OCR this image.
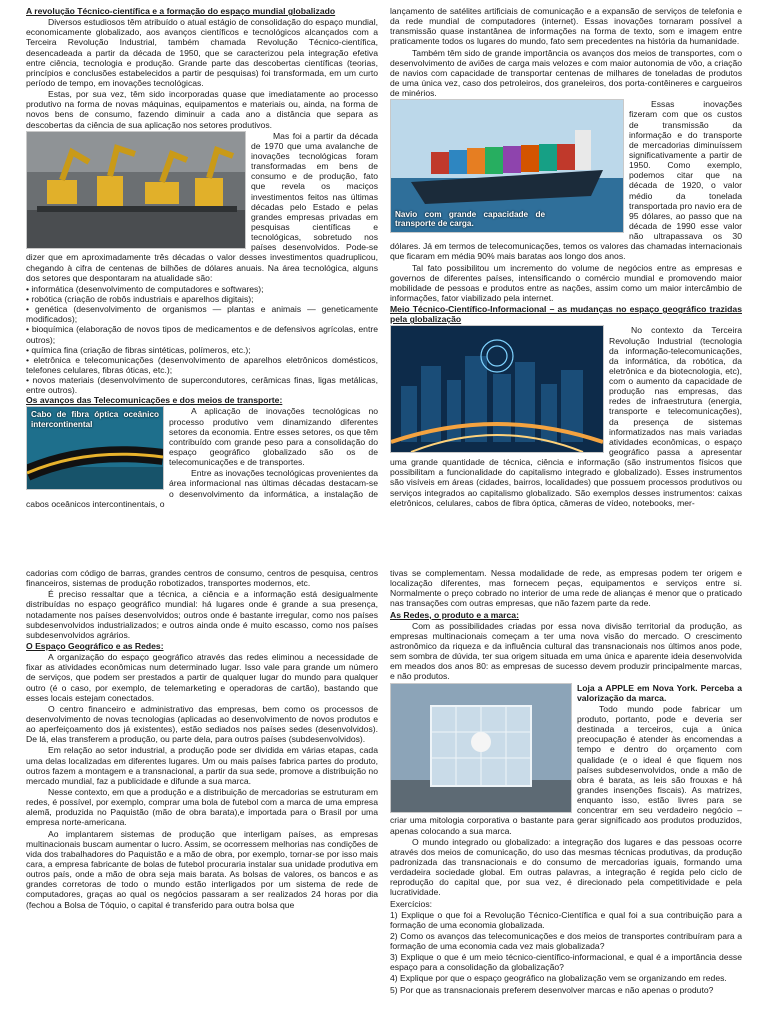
A revolução Técnico-científica e a formação do espaço mundial globalizado

Diversos estudiosos têm atribuído o atual estágio de consolidação do espaço mundial, economicamente globalizado, aos avanços científicos e tecnológicos alcançados com a Terceira Revolução Industrial, também chamada Revolução Técnico-científica, desencadeada a partir da década de 1950, que se caracterizou pela integração efetiva entre ciência, tecnologia e produção. Grande parte das descobertas científicas (teorias, princípios e conclusões estabelecidos a partir de pesquisas) foi transformada, em um curto período de tempo, em inovações tecnológicas.

Estas, por sua vez, têm sido incorporadas quase que imediatamente ao processo produtivo na forma de novas máquinas, equipamentos e materiais ou, ainda, na forma de novos bens de consumo, fazendo diminuir a cada ano a distância que separa as descobertas da ciência de sua aplicação nos setores produtivos.

Mas foi a partir da década de 1970 que uma avalanche de inovações tecnológicas foram transformadas em bens de consumo e de produção, fato que revela os maciços investimentos feitos nas últimas décadas pelo Estado e pelas grandes empresas privadas em pesquisas científicas e tecnológicas, sobretudo nos países desenvolvidos. Pode-se dizer que em aproximadamente três décadas o valor desses investimentos quadruplicou, chegando à cifra de centenas de bilhões de dólares anuais. Na área tecnológica, alguns dos setores que despontaram na atualidade são:

• informática (desenvolvimento de computadores e softwares);
• robótica (criação de robôs industriais e aparelhos digitais);
• genética (desenvolvimento de organismos — plantas e animais — geneticamente modificados);
• bioquímica (elaboração de novos tipos de medicamentos e de defensivos agrícolas, entre outros);
• química fina (criação de fibras sintéticas, polímeros, etc.);
• eletrônica e telecomunicações (desenvolvimento de aparelhos eletrônicos domésticos, telefones celulares, fibras óticas, etc.);
• novos materiais (desenvolvimento de supercondutores, cerâmicas finas, ligas metálicas, entre outros).

Os avanços das Telecomunicações e dos meios de transporte:

Cabo de fibra óptica oceânico intercontinental

A aplicação de inovações tecnológicas no processo produtivo vem dinamizando diferentes setores da economia. Entre esses setores, os que têm contribuído com grande peso para a consolidação do espaço geográfico globalizado são os de telecomunicações e de transportes.

Entre as inovações tecnológicas provenientes da área informacional nas últimas décadas destacam-se o desenvolvimento da informática, a instalação de cabos oceânicos intercontinentais, o

lançamento de satélites artificiais de comunicação e a expansão de serviços de telefonia e da rede mundial de computadores (internet). Essas inovações tornaram possível a transmissão quase instantânea de informações na forma de texto, som e imagem entre praticamente todos os lugares do mundo, fato sem precedentes na história da humanidade.

Também têm sido de grande importância os avanços dos meios de transportes, com o desenvolvimento de aviões de carga mais velozes e com maior autonomia de vôo, a criação de navios com capacidade de transportar centenas de milhares de toneladas de produtos de uma única vez, caso dos petroleiros, dos graneleiros, dos porta-contêineres e cargueiros de minérios.

Navio com grande capacidade de transporte de carga.

Essas inovações fizeram com que os custos de transmissão da informação e do transporte de mercadorias diminuíssem significativamente a partir de 1950. Como exemplo, podemos citar que na década de 1920, o valor médio da tonelada transportada pro navio era de 95 dólares, ao passo que na década de 1990 esse valor não ultrapassava os 30 dólares. Já em termos de telecomunicações, temos os valores das chamadas internacionais que ficaram em média 90% mais baratas aos longo dos anos.

Tal fato possibilitou um incremento do volume de negócios entre as empresas e governos de diferentes países, intensificando o comércio mundial e promovendo maior mobilidade de pessoas e produtos entre as nações, assim como um maior intercâmbio de informações, fator viabilizado pela internet.

Meio Técnico-Científico-Informacional – as mudanças no espaço geográfico trazidas pela globalização

No contexto da Terceira Revolução Industrial (tecnologia da informação-telecomunicações, da informática, da robótica, da eletrônica e da biotecnologia, etc), com o aumento da capacidade de produção nas empresas, das redes de infraestrutura (energia, transporte e telecomunicações), da presença de sistemas informatizados nas mais variadas atividades econômicas, o espaço geográfico passa a apresentar uma grande quantidade de técnica, ciência e informação (são instrumentos físicos que possibilitam a funcionalidade do capitalismo integrado e globalizado). Esses instrumentos são visíveis em áreas (cidades, bairros, localidades) que possuem processos produtivos ou serviços integrados ao capitalismo globalizado. São exemplos desses instrumentos: caixas eletrônicos, celulares, cabos de fibra óptica, câmeras de vídeo, notebooks, mer-

cadorias com código de barras, grandes centros de consumo, centros de pesquisa, centros financeiros, sistemas de produção robotizados, transportes modernos, etc.

É preciso ressaltar que a técnica, a ciência e a informação está desigualmente distribuídas no espaço geográfico mundial: há lugares onde é grande a sua presença, notadamente nos países desenvolvidos; outros onde é bastante irregular, como nos países subdesenvolvidos industrializados; e outros ainda onde é muito escasso, como nos países subdesenvolvidos agrários.

O Espaço Geográfico e as Redes:

A organização do espaço geográfico através das redes eliminou a necessidade de fixar as atividades econômicas num determinado lugar. Isso vale para grande um número de serviços, que podem ser prestados a partir de qualquer lugar do mundo para qualquer outro (é o caso, por exemplo, de telemarketing e operadoras de cartão), bastando que esses locais estejam conectados.

O centro financeiro e administrativo das empresas, bem como os processos de desenvolvimento de novas tecnologias (aplicadas ao desenvolvimento de novos produtos e ao aperfeiçoamento dos já existentes), estão sediados nos países sedes (desenvolvidos). De lá, elas transferem a produção, ou parte dela, para outros países (subdesenvolvidos).

Em relação ao setor industrial, a produção pode ser dividida em várias etapas, cada uma delas localizadas em diferentes lugares. Um ou mais países fabrica partes do produto, outros fazem a montagem e a transnacional, a partir da sua sede, promove a distribuição no mercado mundial, faz a publicidade e difunde a sua marca.

Nesse contexto, em que a produção e a distribuição de mercadorias se estruturam em redes, é possível, por exemplo, comprar uma bola de futebol com a marca de uma empresa alemã, produzida no Paquistão (mão de obra barata),e importada para o Brasil por uma empresa norte-americana.

Ao implantarem sistemas de produção que interligam países, as empresas multinacionais buscam aumentar o lucro. Assim, se ocorressem melhorias nas condições de vida dos trabalhadores do Paquistão e a mão de obra, por exemplo, tornar-se por isso mais cara, a empresa fabricante de bolas de futebol procuraria instalar sua unidade produtiva em outros país, onde a mão de obra seja mais barata. As bolsas de valores, os bancos e as grandes corretoras de todo o mundo estão interligados por um sistema de rede de computadores, graças ao qual os negócios passaram a ser realizados 24 horas por dia (fechou a Bolsa de Tóquio, o capital é transferido para outra bolsa que

tivas se complementam. Nessa modalidade de rede, as empresas podem ter origem e localização diferentes, mas fornecem peças, equipamentos e serviços entre si. Normalmente o preço cobrado no interior de uma rede de alianças é menor que o praticado nas transações com outras empresas, que não fazem parte da rede.

As Redes, o produto e a marca:

Com as possibilidades criadas por essa nova divisão territorial da produção, as empresas multinacionais começam a ter uma nova visão do mercado. O crescimento astronômico da riqueza e da influência cultural das transnacionais nos últimos anos pode, sem sombra de dúvida, ter sua origem situada em uma única e aparente ideia desenvolvida em meados dos anos 80: as empresas de sucesso devem produzir principalmente marcas, e não produtos.

Loja a APPLE em Nova York. Perceba a valorização da marca.

Todo mundo pode fabricar um produto, portanto, pode e deveria ser destinada a terceiros, cuja a única preocupação é atender às encomendas a tempo e dentro do orçamento com qualidade (e o ideal é que fiquem nos países subdesenvolvidos, onde a mão de obra é barata, as leis são frouxas e há grandes insenções fiscais). As matrizes, enquanto isso, estão livres para se concentrar em seu verdadeiro negócio – criar uma mitologia corporativa o bastante para gerar significado aos produtos produzidos, apenas colocando a sua marca.

O mundo integrado ou globalizado: a integração dos lugares e das pessoas ocorre através dos meios de comunicação, do uso das mesmas técnicas produtivas, da produção padronizada das transnacionais e do consumo de mercadorias iguais, formando uma verdadeira sociedade global. Em outras palavras, a integração é regida pelo ciclo de reprodução do capital que, por sua vez, é direcionado pela competitividade e pela lucratividade.

Exercícios:

1) Explique o que foi a Revolução Técnico-Científica e qual foi a sua contribuição para a formação de uma economia globalizada.

2) Como os avanços das telecomunicações e dos meios de transportes contribuíram para a formação de uma economia cada vez mais globalizada?

3) Explique o que é um meio técnico-científico-informacional, e qual é a importância desse espaço para a consolidação da globalização?

4) Explique por que o espaço geográfico na globalização vem se organizando em redes.

5) Por que as transnacionais preferem desenvolver marcas e não apenas o produto?
